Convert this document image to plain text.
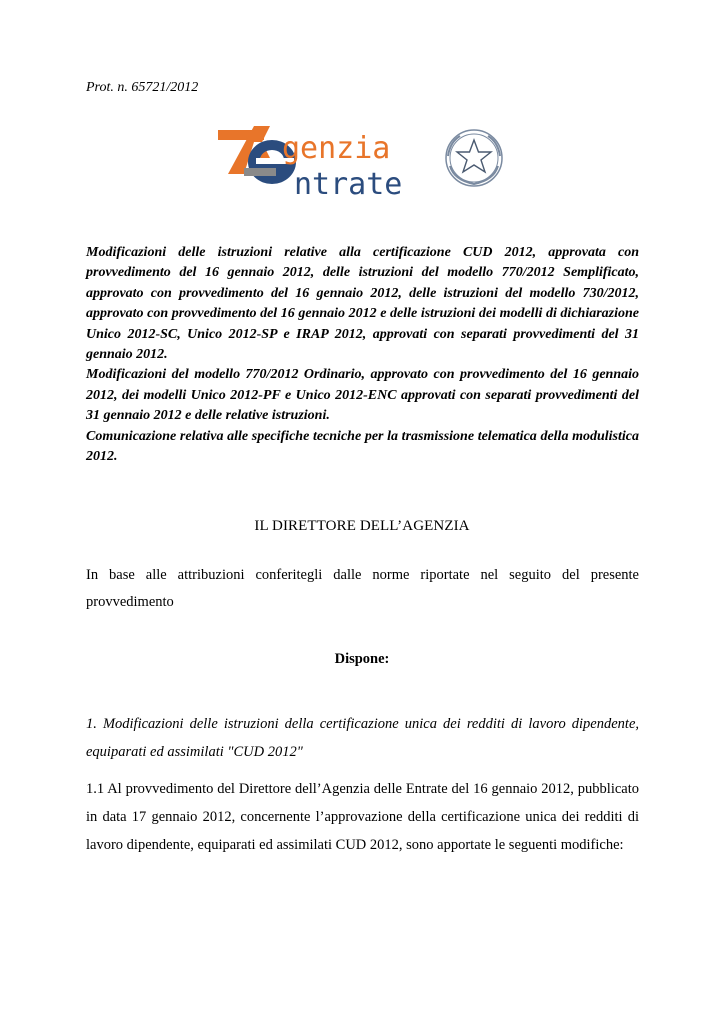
Prot. n. 65721/2012
genzia
ntrate

Modificazioni delle istruzioni relative alla certificazione CUD 2012, approvata con provvedimento del 16 gennaio 2012, delle istruzioni del modello 770/2012 Semplificato, approvato con provvedimento del 16 gennaio 2012, delle istruzioni del modello 730/2012, approvato con provvedimento del 16 gennaio 2012 e delle istruzioni dei modelli di dichiarazione Unico 2012-SC, Unico 2012-SP e IRAP 2012, approvati con separati provvedimenti del 31 gennaio 2012.

Modificazioni del modello 770/2012 Ordinario, approvato con provvedimento del 16 gennaio 2012, dei modelli Unico 2012-PF e Unico 2012-ENC approvati con separati provvedimenti del 31 gennaio 2012 e delle relative istruzioni.

Comunicazione relativa alle specifiche tecniche per la trasmissione telematica della modulistica 2012.

IL DIRETTORE DELL’AGENZIA

In base alle attribuzioni conferitegli dalle norme riportate nel seguito del presente provvedimento

Dispone:

1. Modificazioni delle istruzioni della certificazione unica dei redditi di lavoro dipendente, equiparati ed assimilati "CUD 2012"

1.1 Al provvedimento del Direttore dell’Agenzia delle Entrate del 16 gennaio 2012, pubblicato in data 17 gennaio 2012, concernente l’approvazione della certificazione unica dei redditi di lavoro dipendente, equiparati ed assimilati CUD 2012, sono apportate le seguenti modifiche:
